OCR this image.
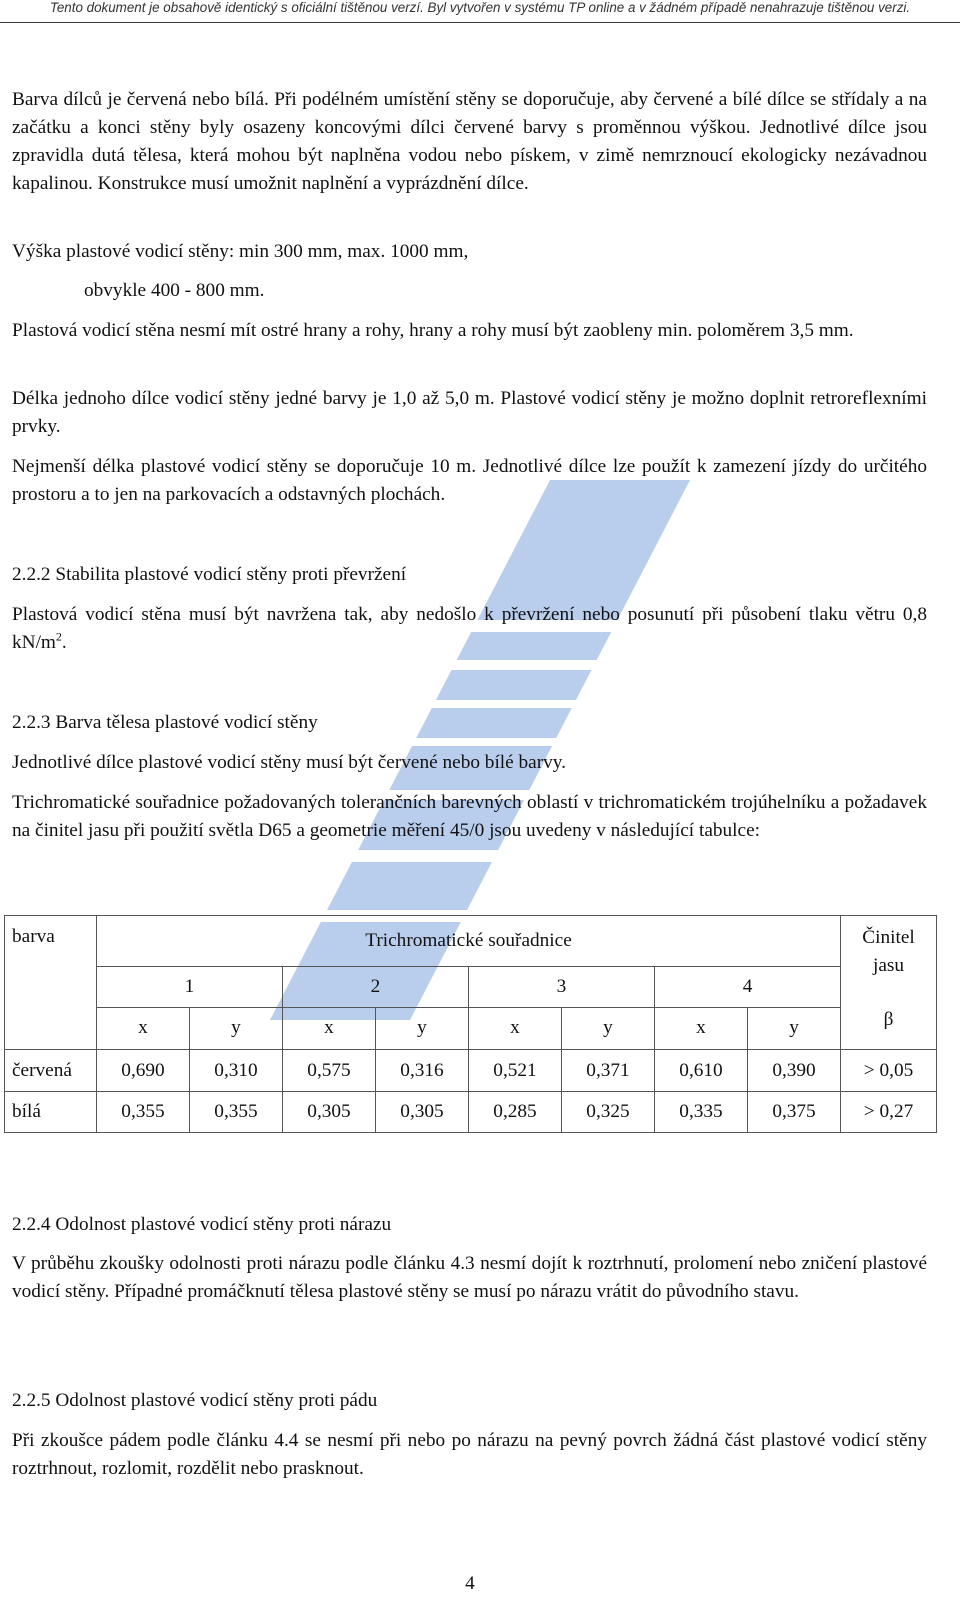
Tento dokument je obsahově identický s oficiální tištěnou verzí. Byl vytvořen v systému TP online a v žádném případě nenahrazuje tištěnou verzi.

Barva dílců je červená nebo bílá. Při podélném umístění stěny se doporučuje, aby červené a bílé dílce se střídaly a na začátku a konci stěny byly osazeny koncovými dílci červené barvy s proměnnou výškou. Jednotlivé dílce jsou zpravidla dutá tělesa, která mohou být naplněna vodou nebo pískem, v zimě nemrznoucí ekologicky nezávadnou kapalinou. Konstrukce musí umožnit naplnění a vyprázdnění dílce.

Výška plastové vodicí stěny: min 300 mm, max. 1000 mm,

obvykle 400 - 800 mm.

Plastová vodicí stěna nesmí mít ostré hrany a rohy, hrany a rohy musí být zaobleny min. poloměrem 3,5 mm.

Délka jednoho dílce vodicí stěny jedné barvy je 1,0 až 5,0 m. Plastové vodicí stěny je možno doplnit retroreflexními prvky.

Nejmenší délka plastové vodicí stěny se doporučuje 10 m. Jednotlivé dílce lze použít k zamezení jízdy do určitého prostoru a to jen na parkovacích a odstavných plochách.

2.2.2 Stabilita plastové vodicí stěny proti převržení

Plastová vodicí stěna musí být navržena tak, aby nedošlo k převržení nebo posunutí při působení tlaku větru 0,8 $kN/m^2$.

2.2.3 Barva tělesa plastové vodicí stěny

Jednotlivé dílce plastové vodicí stěny musí být červené nebo bílé barvy.

Trichromatické souřadnice požadovaných tolerančních barevných oblastí v trichromatickém trojúhelníku a požadavek na činitel jasu při použití světla D65 a geometrie měření 45/0 jsou uvedeny v následující tabulce:

barva	Trichromatické souřadnice								Činitel jasu
	1		2		3		4		
	x	y	x	y	x	y	x	y	β
červená	0,690	0,310	0,575	0,316	0,521	0,371	0,610	0,390	> 0,05
bílá	0,355	0,355	0,305	0,305	0,285	0,325	0,335	0,375	> 0,27

2.2.4 Odolnost plastové vodicí stěny proti nárazu

V průběhu zkoušky odolnosti proti nárazu podle článku 4.3 nesmí dojít k roztrhnutí, prolomení nebo zničení plastové vodicí stěny. Případné promáčknutí tělesa plastové stěny se musí po nárazu vrátit do původního stavu.

2.2.5 Odolnost plastové vodicí stěny proti pádu

Při zkoušce pádem podle článku 4.4 se nesmí při nebo po nárazu na pevný povrch žádná část plastové vodicí stěny roztrhnout, rozlomit, rozdělit nebo prasknout.

4
